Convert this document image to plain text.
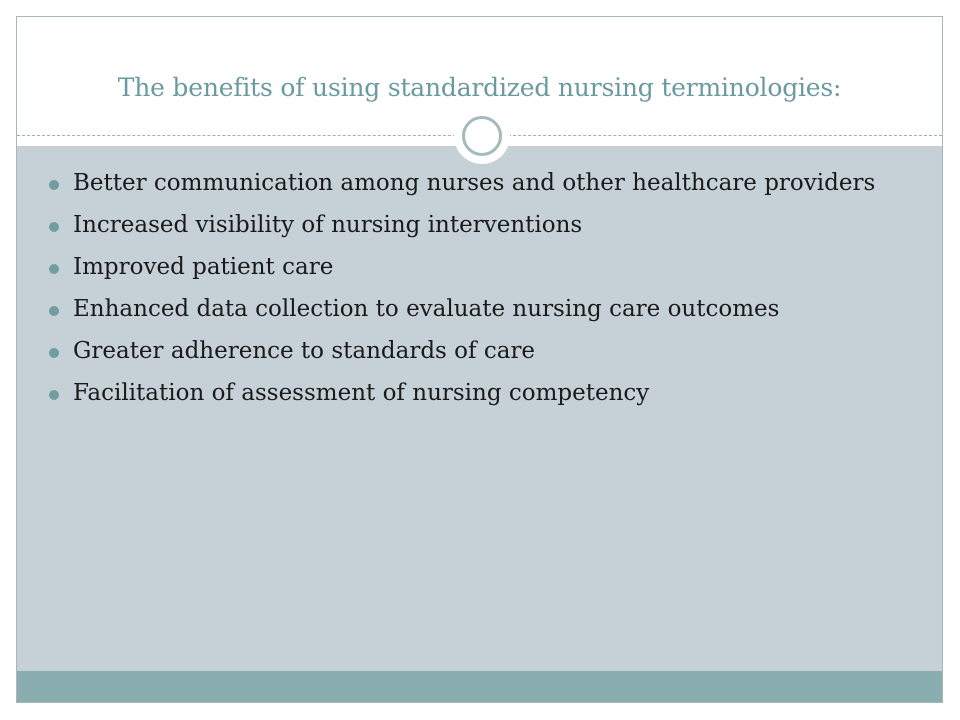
The benefits of using standardized nursing terminologies:
Better communication among nurses and other healthcare providers
Increased visibility of nursing interventions
Improved patient care
Enhanced data collection to evaluate nursing care outcomes
Greater adherence to standards of care
Facilitation of assessment of nursing competency
